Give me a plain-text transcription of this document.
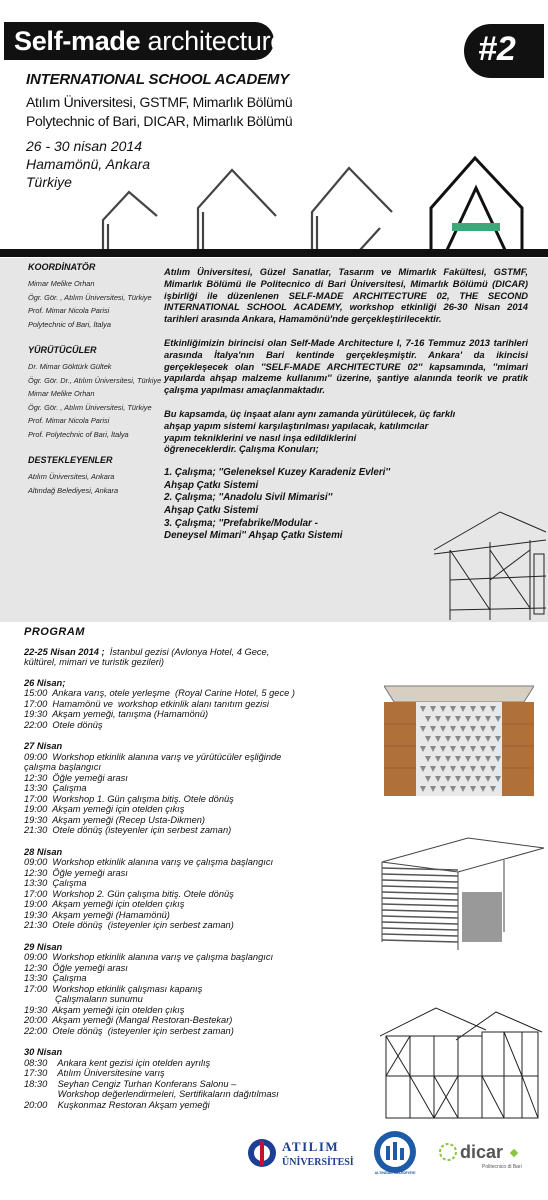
Self-made architecture	#2
INTERNATIONAL SCHOOL ACADEMY
Atılım Üniversitesi, GSTMF, Mimarlık Bölümü
Polytechnic of Bari, DICAR, Mimarlık Bölümü
26 - 30 nisan 2014
Hamamönü, Ankara
Türkiye
KOORDİNATÖR
Mimar Melike Orhan
Ögr. Gör. , Atılım Üniversitesi, Türkiye
Prof. Mimar Nicola Parisi
Polytechnic of Bari, İtalya
YÜRÜTÜCÜLER
Dr. Mimar Göktürk Gültek
Ögr. Gör. Dr., Atılım Üniversitesi, Türkiye
Mimar Melike Orhan
Ögr. Gör. , Atılım Üniversitesi, Türkiye
Prof. Mimar Nicola Parisi
Prof. Polytechnic of Bari, İtalya
DESTEKLEYENLER
Atılım Üniversitesi, Ankara
Altındağ Belediyesi, Ankara

Atılım Üniversitesi, Güzel Sanatlar, Tasarım ve Mimarlık Fakültesi, GSTMF, Mimarlık Bölümü ile Politecnico di Bari Üniversitesi, Mimarlık Bölümü (DICAR) işbirliği ile düzenlenen SELF-MADE ARCHITECTURE 02, THE SECOND INTERNATIONAL SCHOOL ACADEMY, workshop etkinliği 26-30 Nisan 2014 tarihleri arasında Ankara, Hamamönü'nde gerçekleştirilecektir.

Etkinliğimizin birincisi olan Self-Made Architecture I, 7-16 Temmuz 2013 tarihleri arasında İtalya'nın Bari kentinde gerçekleşmiştir. Ankara' da ikincisi gerçekleşecek olan ''SELF-MADE ARCHITECTURE 02'' kapsamında, ''mimari yapılarda ahşap malzeme kullanımı'' üzerine, şantiye alanında teorik ve pratik çalışma yapılması amaçlanmaktadır.

Bu kapsamda, üç inşaat alanı aynı zamanda yürütülecek, üç farklı

ahşap yapım sistemi karşılaştırılması yapılacak, katılımcılar

yapım tekniklerini ve nasıl inşa edildiklerini

öğreneceklerdir. Çalışma Konuları;

1. Çalışma; ''Geleneksel Kuzey Karadeniz Evleri''

Ahşap Çatkı Sistemi

2. Çalışma; ''Anadolu Sivil Mimarisi''

Ahşap Çatkı Sistemi

3. Çalışma; ''Prefabrike/Modular -

Deneysel Mimari'' Ahşap Çatkı Sistemi

PROGRAM

22-25 Nisan 2014 ;  İstanbul gezisi (Avlonya Hotel, 4 Gece,

kültürel, mimari ve turistik gezileri)

26 Nisan;

15:00  Ankara varış, otele yerleşme  (Royal Carine Hotel, 5 gece )

17:00  Hamamönü ve  workshop etkinlik alanı tanıtım gezisi

19:30  Akşam yemeği, tanışma (Hamamönü)

22:00  Otele dönüş

27 Nisan

09:00  Workshop etkinlik alanına varış ve yürütücüler eşliğinde

çalışma başlangıcı

12:30  Öğle yemeği arası

13:30  Çalışma

17:00  Workshop 1. Gün çalışma bitiş. Otele dönüş

19:00  Akşam yemeği için otelden çıkış

19:30  Akşam yemeği (Recep Usta-Dikmen)

21:30  Otele dönüş (isteyenler için serbest zaman)

28 Nisan

09:00  Workshop etkinlik alanına varış ve çalışma başlangıcı

12:30  Öğle yemeği arası

13:30  Çalışma

17:00  Workshop 2. Gün çalışma bitiş. Otele dönüş

19:00  Akşam yemeği için otelden çıkış

19:30  Akşam yemeği (Hamamönü)

21:30  Otele dönüş  (isteyenler için serbest zaman)

29 Nisan

09:00  Workshop etkinlik alanına varış ve çalışma başlangıcı

12:30  Öğle yemeği arası

13:30  Çalışma

17:00  Workshop etkinlik çalışması kapanış

Çalışmaların sunumu

19:30  Akşam yemeği için otelden çıkış

20:00  Akşam yemeği (Mangal Restoran-Bestekar)

22:00  Otele dönüş  (isteyenler için serbest zaman)

30 Nisan

08:30    Ankara kent gezisi için otelden ayrılış

17:30    Atılım Üniversitesine varış

18:30    Seyhan Cengiz Turhan Konferans Salonu –

Workshop değerlendirmeleri, Sertifikaların dağıtılması

20:00    Kuşkonmaz Restoran Akşam yemeği

ATILIM
ÜNİVERSİTESİ
ALTINDAĞ BELEDİYESİ
dicar
Politecnico di Bari
